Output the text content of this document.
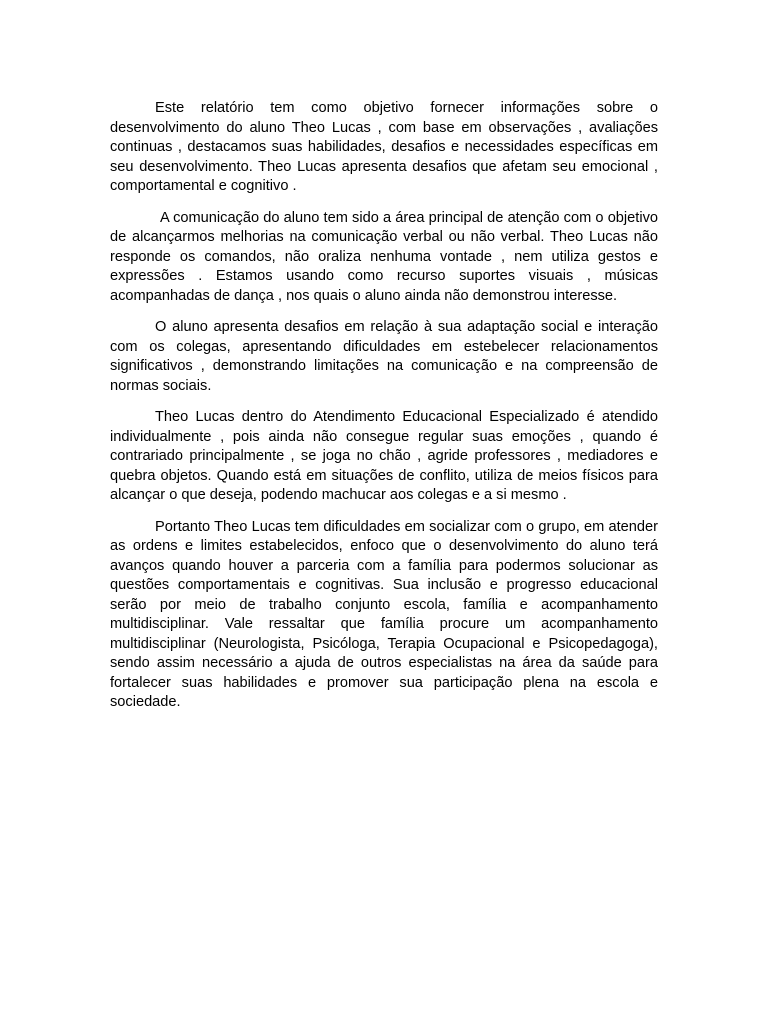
Este relatório tem como objetivo fornecer informações sobre o desenvolvimento do aluno Theo Lucas , com base em observações , avaliações continuas , destacamos suas habilidades, desafios e necessidades específicas em seu desenvolvimento. Theo Lucas apresenta desafios que afetam seu emocional , comportamental e cognitivo .

A comunicação do aluno tem sido a área principal de atenção com o objetivo de alcançarmos melhorias na comunicação verbal ou não verbal. Theo Lucas não responde os comandos, não oraliza nenhuma vontade , nem utiliza gestos e expressões . Estamos usando como recurso suportes visuais , músicas acompanhadas de dança , nos quais o aluno ainda não demonstrou interesse.

O aluno apresenta desafios em relação à sua adaptação social e interação com os colegas, apresentando dificuldades em estebelecer relacionamentos significativos , demonstrando limitações na comunicação e na compreensão de normas sociais.

Theo Lucas dentro do Atendimento Educacional Especializado é atendido individualmente , pois ainda não consegue regular suas emoções , quando é contrariado principalmente , se joga no chão , agride professores , mediadores e quebra objetos. Quando está em situações de conflito, utiliza de meios físicos para alcançar o que deseja, podendo machucar aos colegas e a si mesmo .

Portanto Theo Lucas tem dificuldades em socializar com o grupo, em atender as ordens e limites estabelecidos, enfoco que o desenvolvimento do aluno terá avanços quando houver a parceria com a família para podermos solucionar as questões comportamentais e cognitivas. Sua inclusão e progresso educacional serão por meio de trabalho conjunto escola, família e acompanhamento multidisciplinar. Vale ressaltar que família procure um acompanhamento multidisciplinar (Neurologista, Psicóloga, Terapia Ocupacional e Psicopedagoga), sendo assim necessário a ajuda de outros especialistas na área da saúde para fortalecer suas habilidades e promover sua participação plena na escola e sociedade.
